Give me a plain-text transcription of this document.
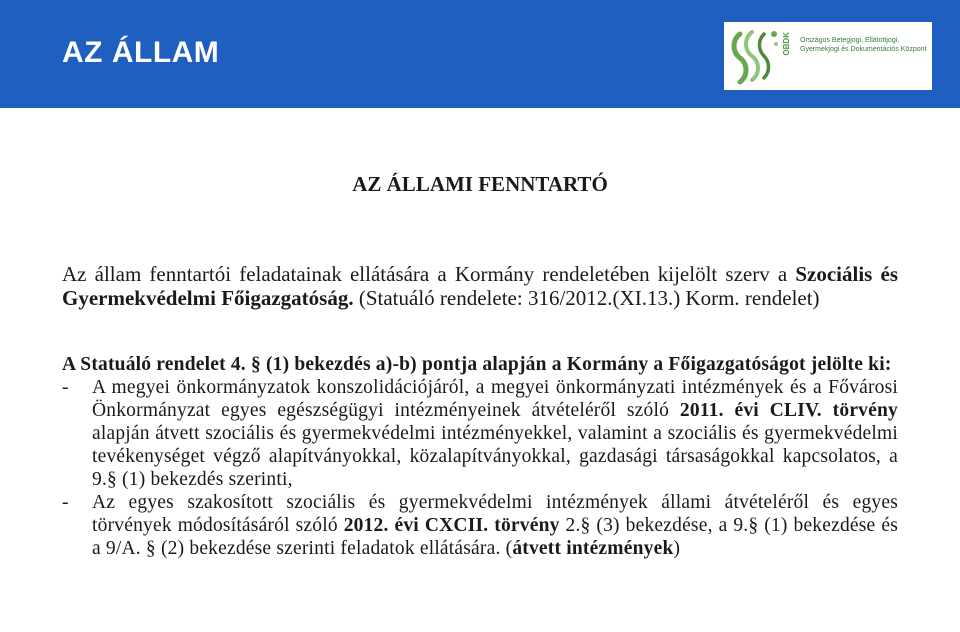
AZ ÁLLAM	OBDK Országos Betegjogi, Ellátottjogi, Gyermekjogi és Dokumentációs Központ
AZ ÁLLAMI FENNTARTÓ

Az állam fenntartói feladatainak ellátására a Kormány rendeletében kijelölt szerv a Szociális és Gyermekvédelmi Főigazgatóság. (Statuáló rendelete: 316/2012.(XI.13.) Korm. rendelet)

A Statuáló rendelet 4. § (1) bekezdés a)-b) pontja alapján a Kormány a Főigazgatóságot jelölte ki:

- A megyei önkormányzatok konszolidációjáról, a megyei önkormányzati intézmények és a Fővárosi Önkormányzat egyes egészségügyi intézményeinek átvételéről szóló 2011. évi CLIV. törvény alapján átvett szociális és gyermekvédelmi intézményekkel, valamint a szociális és gyermekvédelmi tevékenységet végző alapítványokkal, közalapítványokkal, gazdasági társaságokkal kapcsolatos, a 9.§ (1) bekezdés szerinti,

- Az egyes szakosított szociális és gyermekvédelmi intézmények állami átvételéről és egyes törvények módosításáról szóló 2012. évi CXCII. törvény 2.§ (3) bekezdése, a 9.§ (1) bekezdése és a 9/A. § (2) bekezdése szerinti feladatok ellátására. (átvett intézmények)
